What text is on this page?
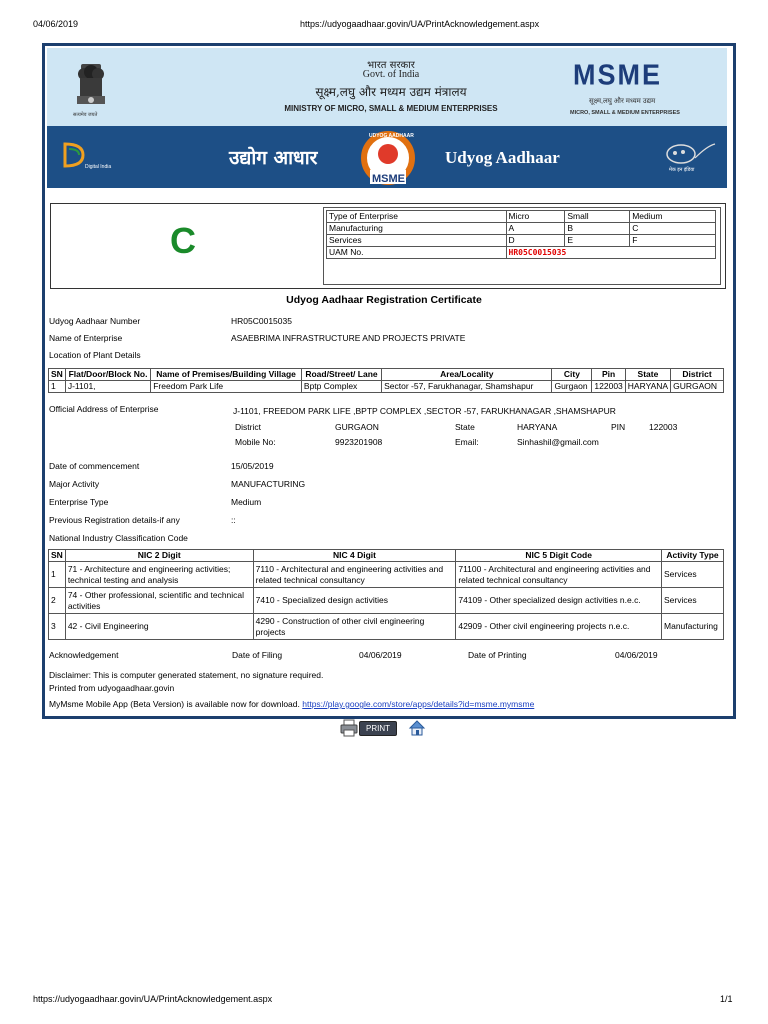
04/06/2019	https://udyogaadhaar.govin/UA/PrintAcknowledgement.aspx
https://udyogaadhaar.govin/UA/PrintAcknowledgement.aspx	1/1
सत्यमेव जयते
भारत सरकार
Govt. of India
सूक्ष्म,लघु और मध्यम उद्यम मंत्रालय
MINISTRY OF MICRO, SMALL & MEDIUM ENTERPRISES
MSME
सूक्ष्म,लघु और मध्यम उद्यम
MICRO, SMALL & MEDIUM ENTERPRISES
Digital India	उद्योग आधार
UDYOG AADHAAR
MSME
Udyog Aadhaar
मेक इन इंडिया
C
Type of Enterprise	Micro	Small	Medium
Manufacturing	A	B	C
Services	D	E	F
UAM No.	HR05C0015035		
Udyog Aadhaar Registration Certificate
Udyog Aadhaar Number	HR05C0015035
Name of Enterprise	ASAEBRIMA INFRASTRUCTURE AND PROJECTS PRIVATE
Location of Plant Details
SN	Flat/Door/Block No.	Name of Premises/Building Village	Road/Street/ Lane	Area/Locality	City	Pin	State	District
1	J-1101,	Freedom Park Life	Bptp Complex	Sector -57, Farukhanagar, Shamshapur	Gurgaon	122003	HARYANA	GURGAON
Official Address of Enterprise	J-1101, FREEDOM PARK LIFE ,BPTP COMPLEX ,SECTOR -57, FARUKHANAGAR ,SHAMSHAPUR
District	GURGAON	State	HARYANA	PIN	122003
Mobile No:	9923201908	Email:	Sinhashil@gmail.com
Date of commencement	15/05/2019
Major Activity	MANUFACTURING
Enterprise Type	Medium
Previous Registration details-if any	::
National Industry Classification Code
SN	NIC 2 Digit	NIC 4 Digit	NIC 5 Digit Code	Activity Type
1	71 - Architecture and engineering activities; technical testing and analysis	7110 - Architectural and engineering activities and related technical consultancy	71100 - Architectural and engineering activities and related technical consultancy	Services
2	74 - Other professional, scientific and technical activities	7410 - Specialized design activities	74109 - Other specialized design activities n.e.c.	Services
3	42 - Civil Engineering	4290 - Construction of other civil engineering projects	42909 - Other civil engineering projects n.e.c.	Manufacturing
Acknowledgement	Date of Filing	04/06/2019	Date of Printing	04/06/2019
Disclaimer: This is computer generated statement, no signature required.
Printed from udyogaadhaar.govin
MyMsme Mobile App (Beta Version) is available now for download. https://play.google.com/store/apps/details?id=msme.mymsme
PRINT
